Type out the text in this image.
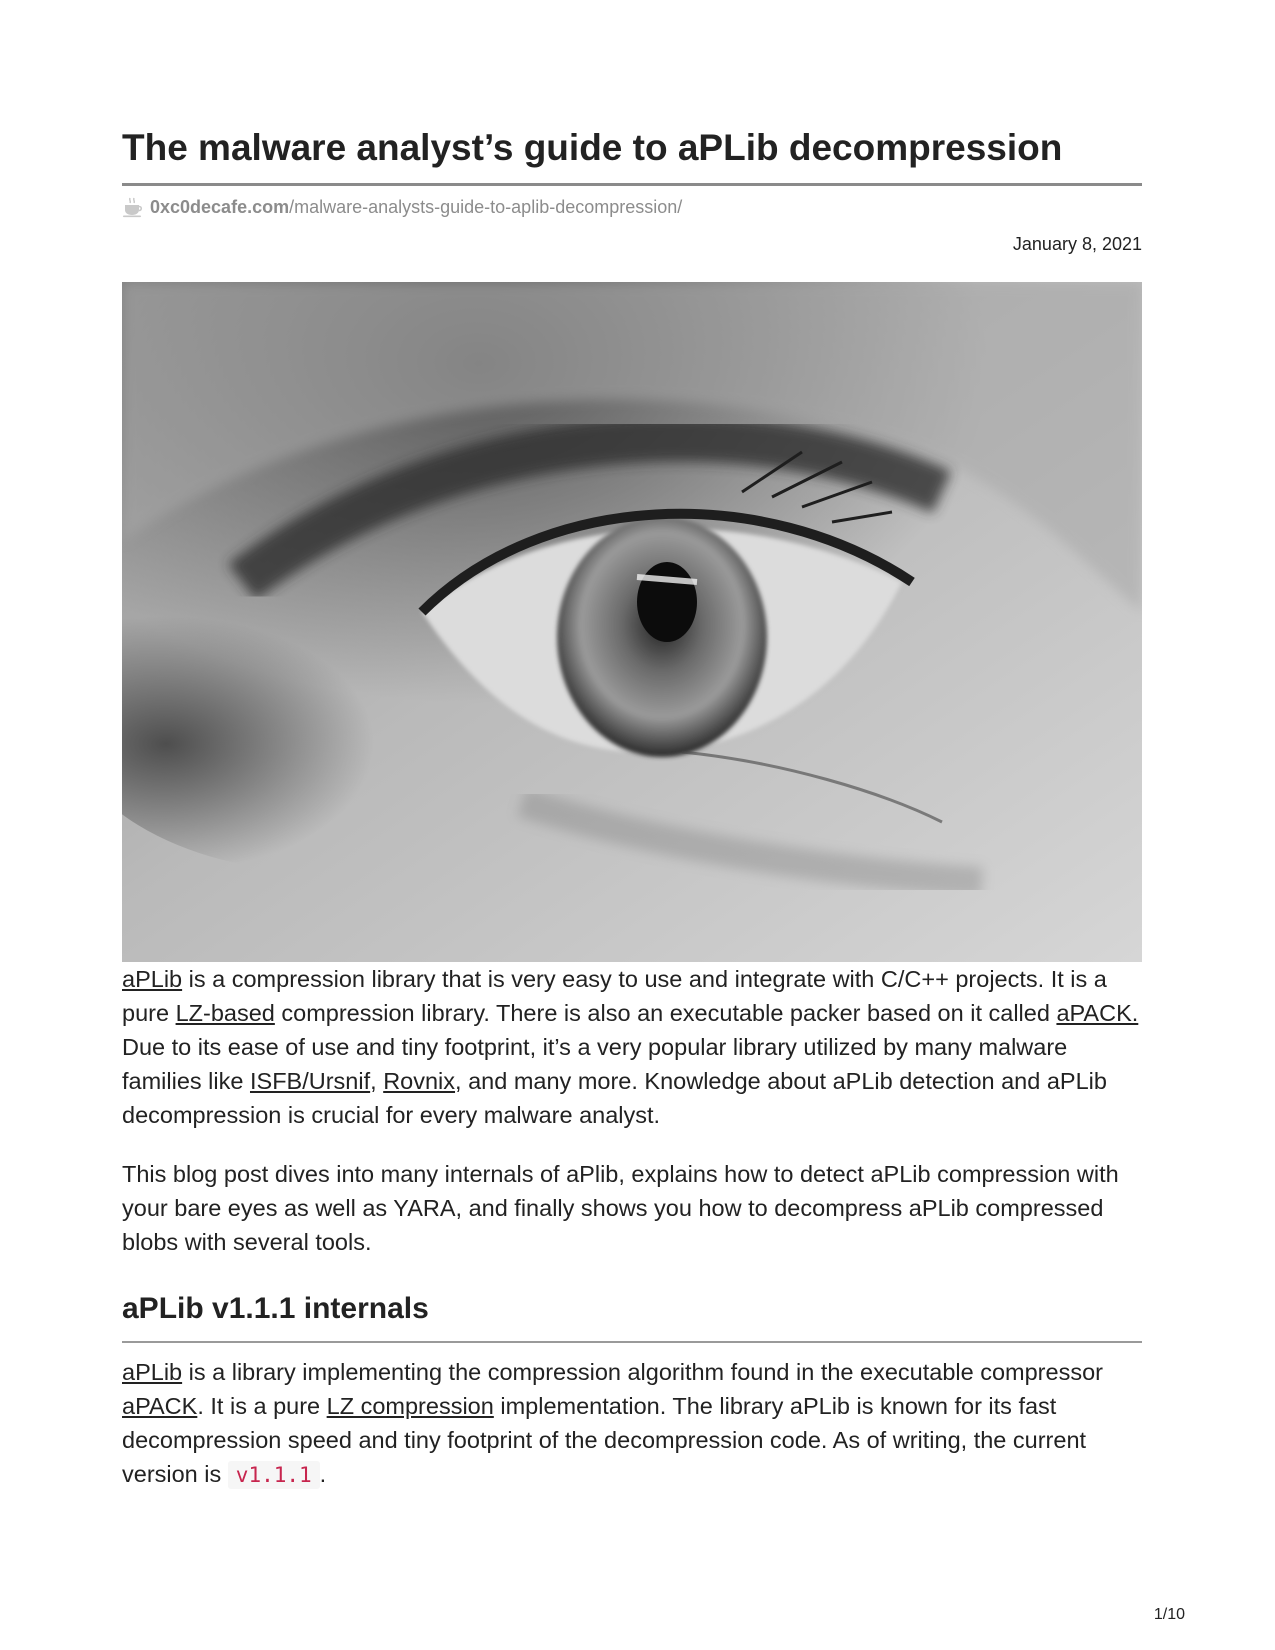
The malware analyst’s guide to aPLib decompression
0xc0decafe.com /malware-analysts-guide-to-aplib-decompression/
January 8, 2021

aPLib is a compression library that is very easy to use and integrate with C/C++ projects. It is a pure LZ-based compression library. There is also an executable packer based on it called aPACK. Due to its ease of use and tiny footprint, it’s a very popular library utilized by many malware families like ISFB/Ursnif, Rovnix, and many more. Knowledge about aPLib detection and aPLib decompression is crucial for every malware analyst.

This blog post dives into many internals of aPlib, explains how to detect aPLib compression with your bare eyes as well as YARA, and finally shows you how to decompress aPLib compressed blobs with several tools.

aPLib v1.1.1 internals

aPLib is a library implementing the compression algorithm found in the executable compressor aPACK. It is a pure LZ compression implementation. The library aPLib is known for its fast decompression speed and tiny footprint of the decompression code. As of writing, the current version is v1.1.1 .

1/10
